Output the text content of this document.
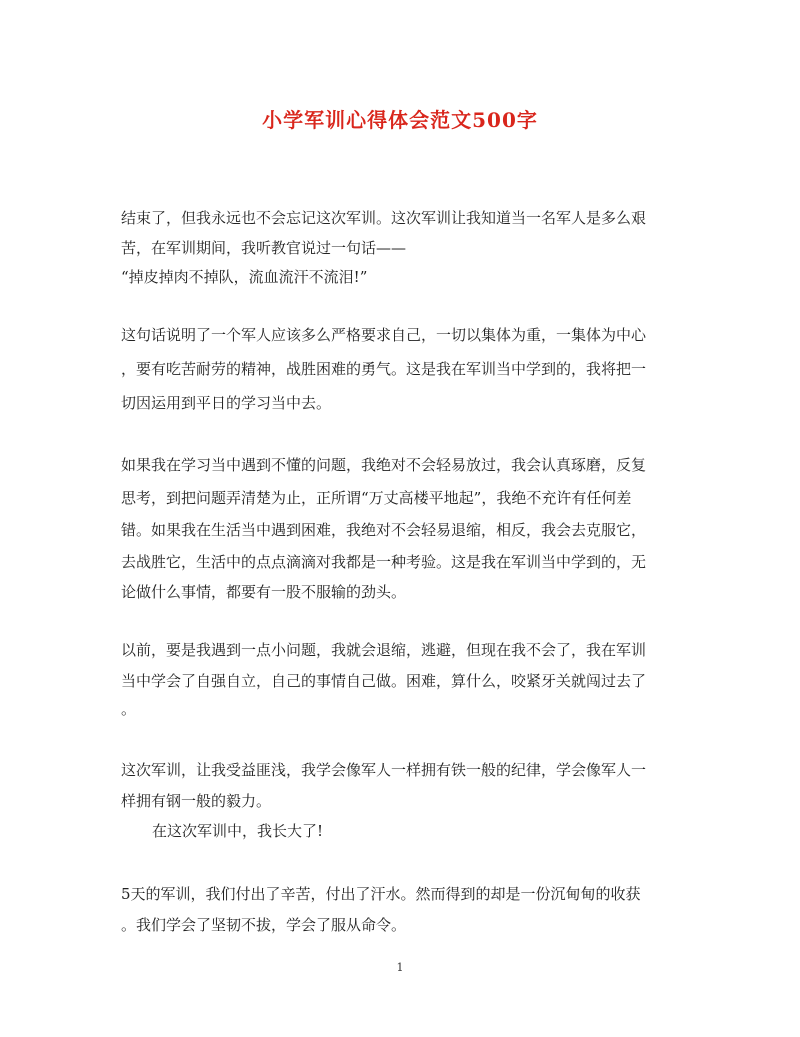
小学军训心得体会范文500字
结束了，但我永远也不会忘记这次军训。这次军训让我知道当一名军人是多么艰
苦，在军训期间，我听教官说过一句话——
“掉皮掉肉不掉队，流血流汗不流泪!”
这句话说明了一个军人应该多么严格要求自己，一切以集体为重，一集体为中心
，要有吃苦耐劳的精神，战胜困难的勇气。这是我在军训当中学到的，我将把一
切因运用到平日的学习当中去。
如果我在学习当中遇到不懂的问题，我绝对不会轻易放过，我会认真琢磨，反复
思考，到把问题弄清楚为止，正所谓“万丈高楼平地起”，我绝不充许有任何差
错。如果我在生活当中遇到困难，我绝对不会轻易退缩，相反，我会去克服它，
去战胜它，生活中的点点滴滴对我都是一种考验。这是我在军训当中学到的，无
论做什么事情，都要有一股不服输的劲头。
以前，要是我遇到一点小问题，我就会退缩，逃避，但现在我不会了，我在军训
当中学会了自强自立，自己的事情自己做。困难，算什么，咬紧牙关就闯过去了
。
这次军训，让我受益匪浅，我学会像军人一样拥有铁一般的纪律，学会像军人一
样拥有钢一般的毅力。
在这次军训中，我长大了!
5天的军训，我们付出了辛苦，付出了汗水。然而得到的却是一份沉甸甸的收获
。我们学会了坚韧不拔，学会了服从命令。
1
